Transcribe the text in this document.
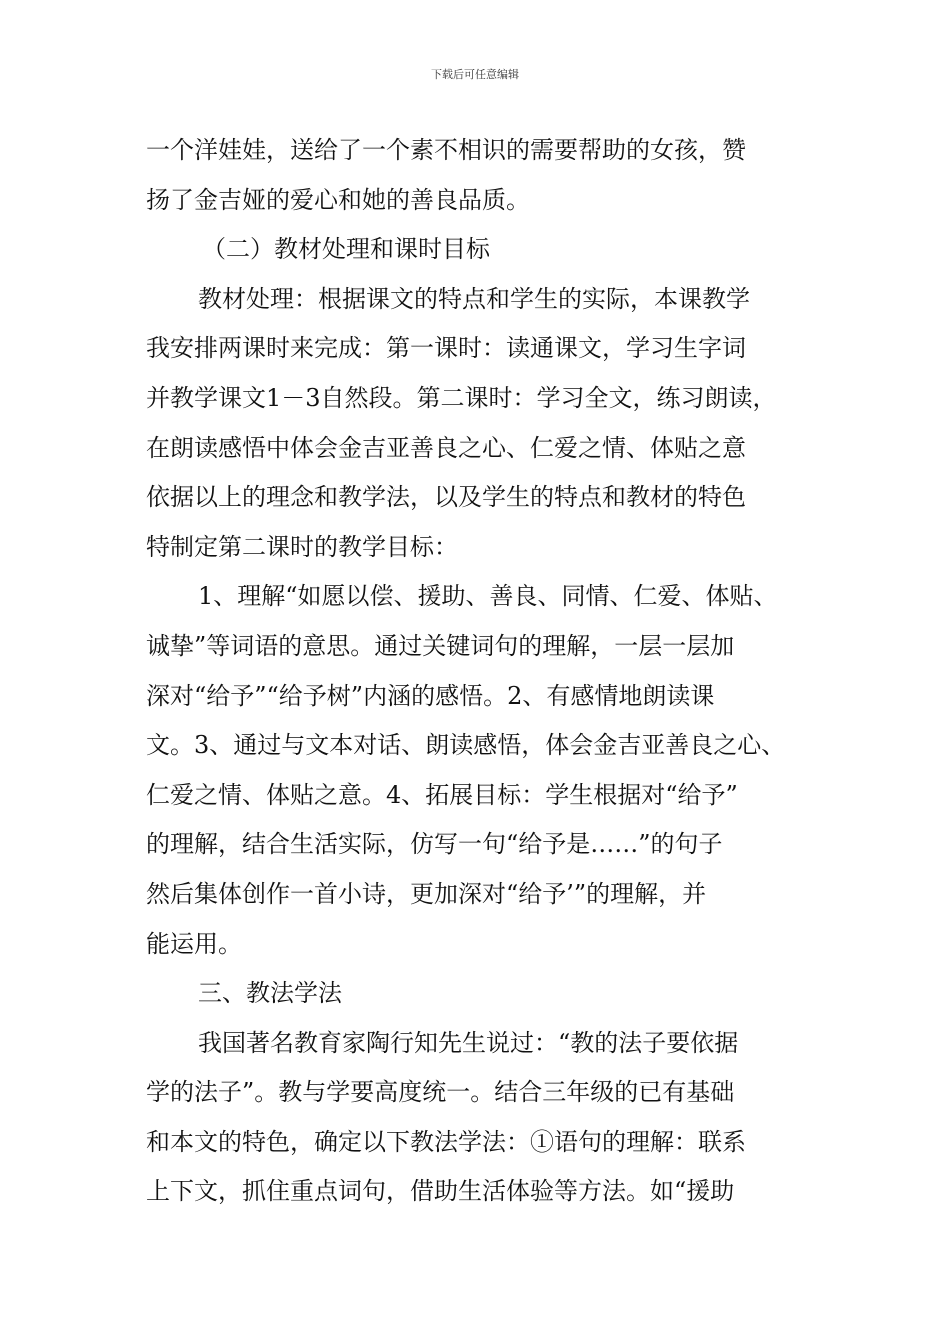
下载后可任意编辑
一个洋娃娃，送给了一个素不相识的需要帮助的女孩，赞
扬了金吉娅的爱心和她的善良品质。
（二）教材处理和课时目标
教材处理：根据课文的特点和学生的实际，本课教学
我安排两课时来完成：第一课时：读通课文，学习生字词
并教学课文1－3自然段。第二课时：学习全文，练习朗读，
在朗读感悟中体会金吉亚善良之心、仁爱之情、体贴之意
依据以上的理念和教学法，以及学生的特点和教材的特色
特制定第二课时的教学目标：
1、理解“如愿以偿、援助、善良、同情、仁爱、体贴、
诚挚”等词语的意思。通过关键词句的理解，一层一层加
深对“给予”“给予树”内涵的感悟。2、有感情地朗读课
文。3、通过与文本对话、朗读感悟，体会金吉亚善良之心、
仁爱之情、体贴之意。4、拓展目标：学生根据对“给予”
的理解，结合生活实际，仿写一句“给予是……”的句子
然后集体创作一首小诗，更加深对“给予’”的理解，并
能运用。
三、教法学法
我国著名教育家陶行知先生说过：“教的法子要依据
学的法子”。教与学要高度统一。结合三年级的已有基础
和本文的特色，确定以下教法学法：①语句的理解：联系
上下文，抓住重点词句，借助生活体验等方法。如“援助
